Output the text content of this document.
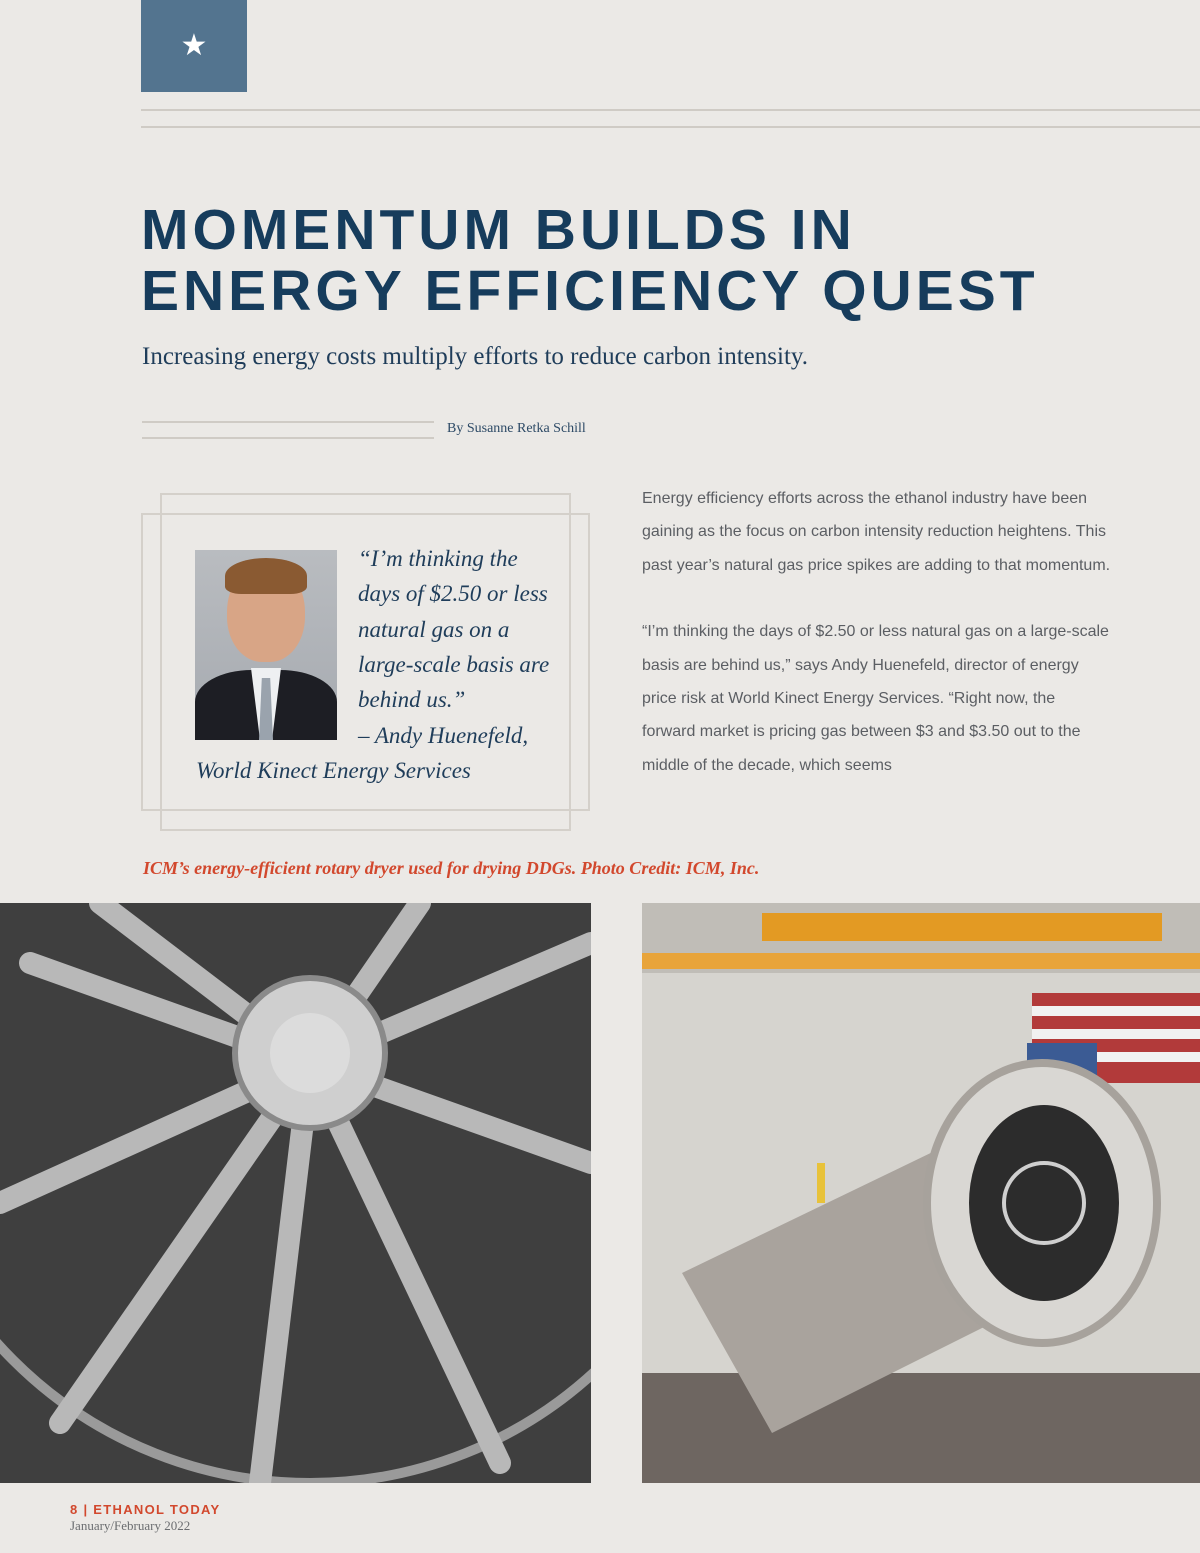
★
MOMENTUM BUILDS IN
ENERGY EFFICIENCY QUEST
Increasing energy costs multiply efforts to reduce carbon intensity.
By Susanne Retka Schill
“I’m thinking the days of $2.50 or less natural gas on a large-scale basis are behind us.”
– Andy Huenefeld,
World Kinect Energy Services

Energy efficiency efforts across the ethanol industry have been gaining as the focus on carbon intensity reduction heightens. This past year’s natural gas price spikes are adding to that momentum.

“I’m thinking the days of $2.50 or less natural gas on a large-scale basis are behind us,” says Andy Huenefeld, director of energy price risk at World Kinect Energy Services. “Right now, the forward market is pricing gas between $3 and $3.50 out to the middle of the decade, which seems

ICM’s energy-efficient rotary dryer used for drying DDGs. Photo Credit: ICM, Inc.
8 | ETHANOL TODAY
January/February 2022
